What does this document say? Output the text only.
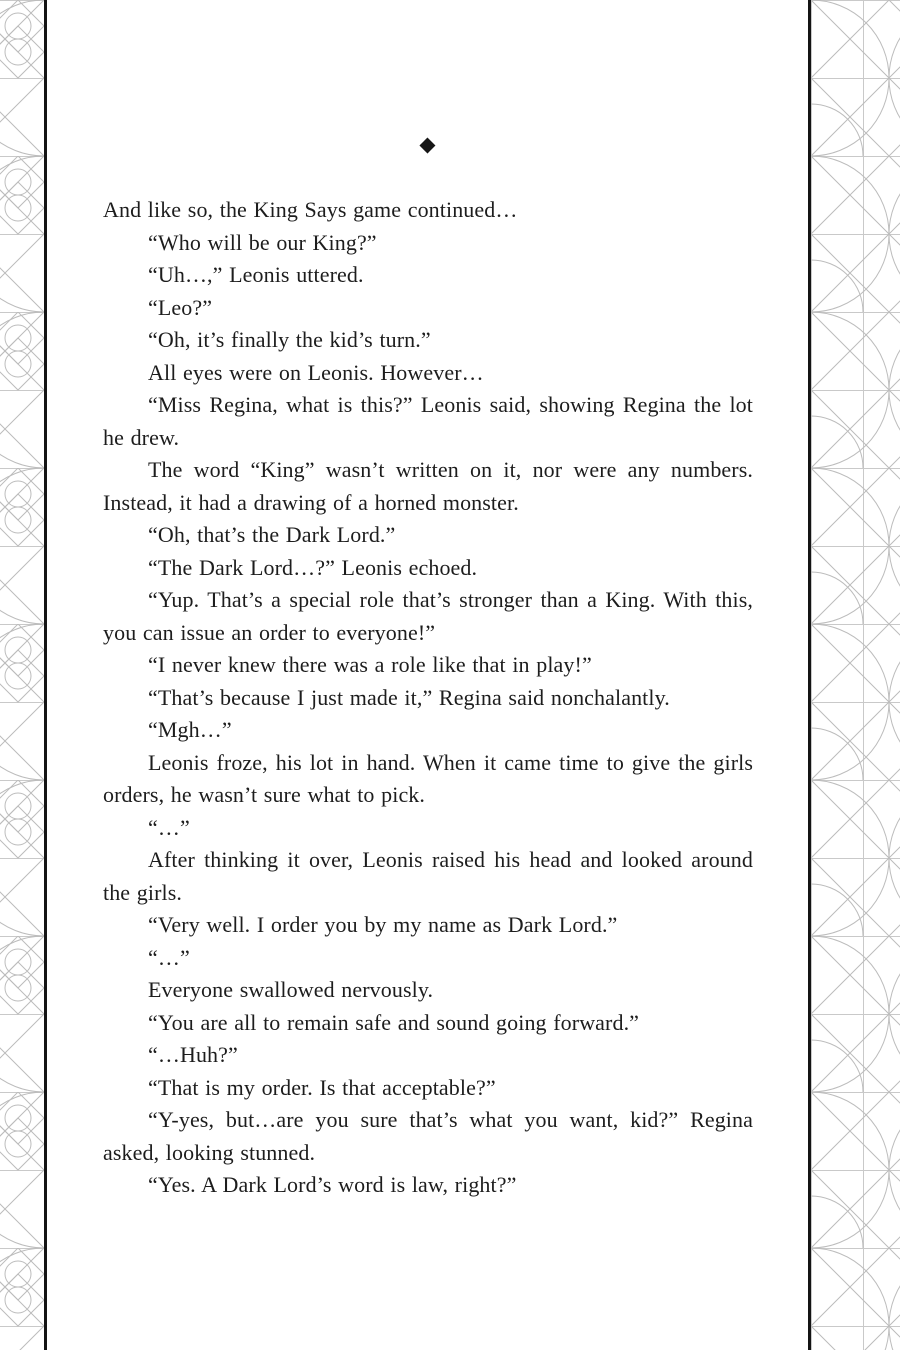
◆

And like so, the King Says game continued…

“Who will be our King?”

“Uh…,” Leonis uttered.

“Leo?”

“Oh, it’s finally the kid’s turn.”

All eyes were on Leonis. However…

“Miss Regina, what is this?” Leonis said, showing Regina the lot he drew.

The word “King” wasn’t written on it, nor were any numbers. Instead, it had a drawing of a horned monster.

“Oh, that’s the Dark Lord.”

“The Dark Lord…?” Leonis echoed.

“Yup. That’s a special role that’s stronger than a King. With this, you can issue an order to everyone!”

“I never knew there was a role like that in play!”

“That’s because I just made it,” Regina said nonchalantly.

“Mgh…”

Leonis froze, his lot in hand. When it came time to give the girls orders, he wasn’t sure what to pick.

“…”

After thinking it over, Leonis raised his head and looked around the girls.

“Very well. I order you by my name as Dark Lord.”

“…”

Everyone swallowed nervously.

“You are all to remain safe and sound going forward.”

“…Huh?”

“That is my order. Is that acceptable?”

“Y-yes, but…are you sure that’s what you want, kid?” Regina asked, looking stunned.

“Yes. A Dark Lord’s word is law, right?”
